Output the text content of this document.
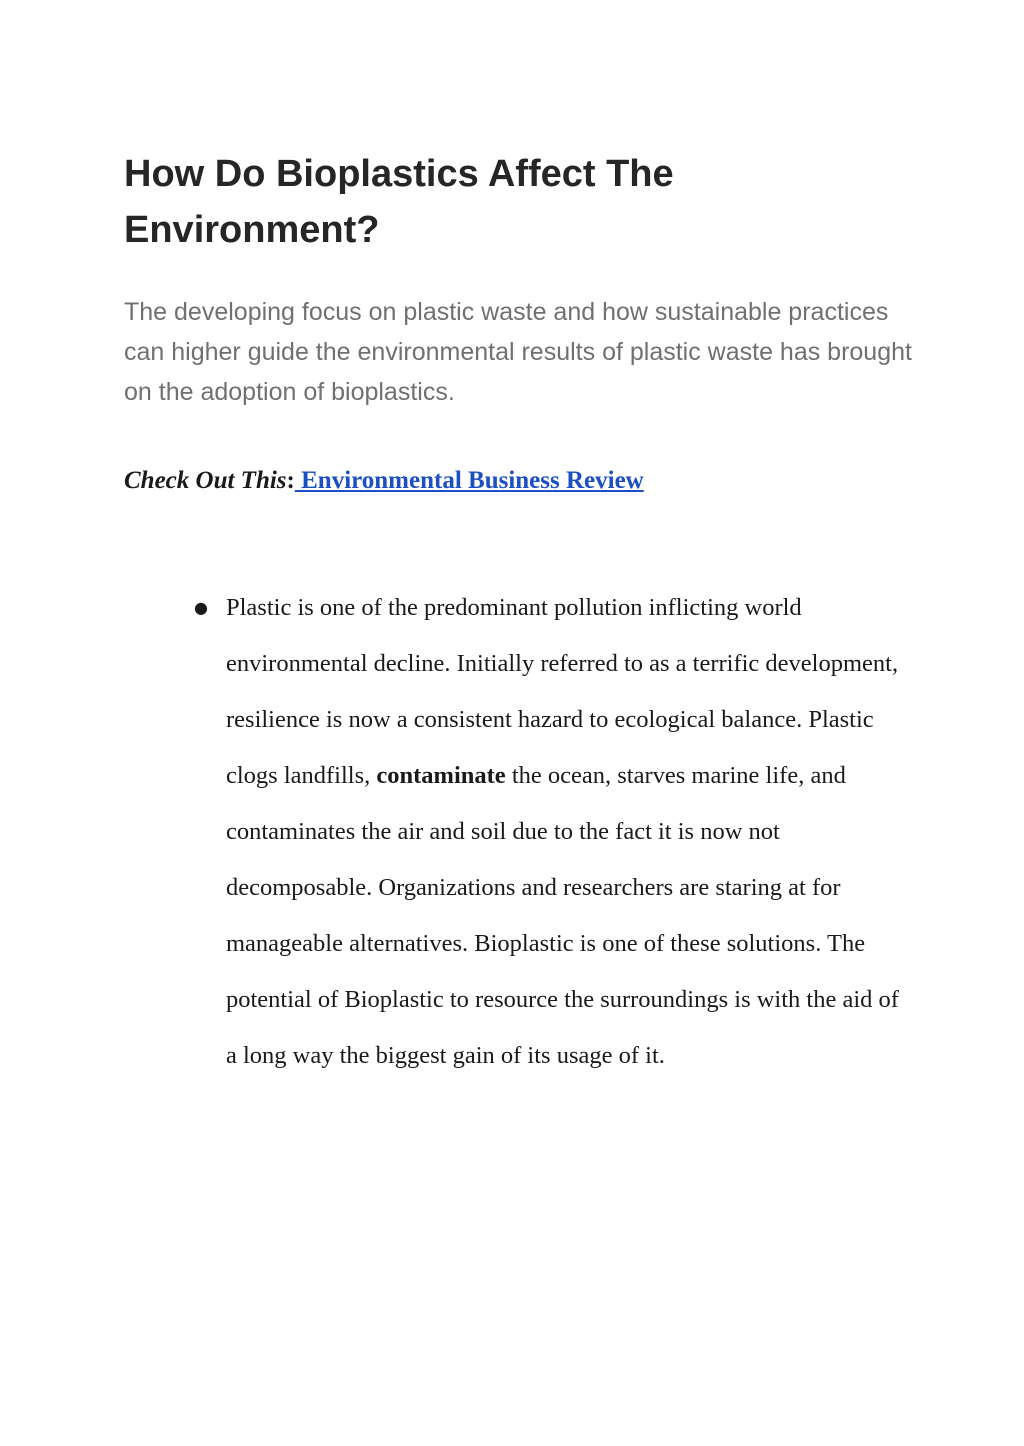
How Do Bioplastics Affect The Environment?

The developing focus on plastic waste and how sustainable practices can higher guide the environmental results of plastic waste has brought on the adoption of bioplastics.

Check Out This: Environmental Business Review

● Plastic is one of the predominant pollution inflicting world environmental decline. Initially referred to as a terrific development, resilience is now a consistent hazard to ecological balance. Plastic clogs landfills, contaminate the ocean, starves marine life, and contaminates the air and soil due to the fact it is now not decomposable. Organizations and researchers are staring at for manageable alternatives. Bioplastic is one of these solutions. The potential of Bioplastic to resource the surroundings is with the aid of a long way the biggest gain of its usage of it.
